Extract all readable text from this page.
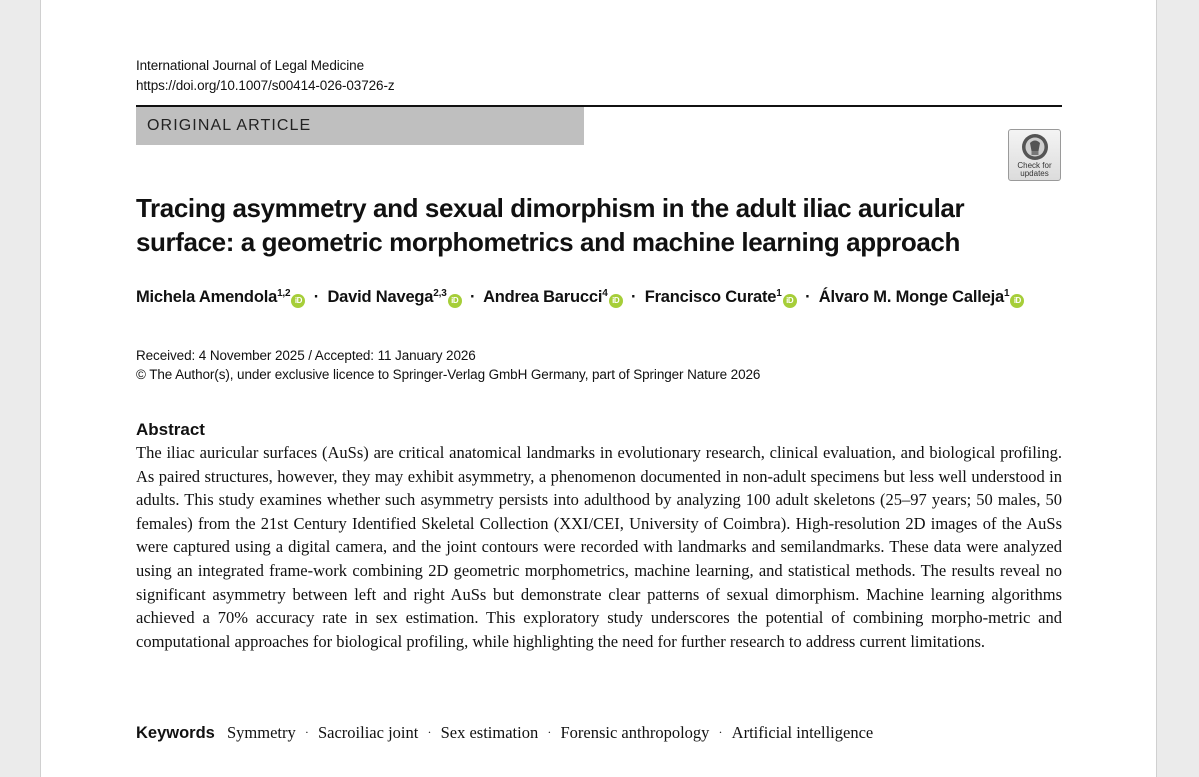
International Journal of Legal Medicine
https://doi.org/10.1007/s00414-026-03726-z
ORIGINAL ARTICLE
Check for
updates
Tracing asymmetry and sexual dimorphism in the adult iliac auricular
surface: a geometric morphometrics and machine learning approach
Michela Amendola$^{1,2}$iD · David Navega$^{2,3}$iD · Andrea Barucci$^4$iD · Francisco Curate$^1$iD · Álvaro M. Monge Calleja$^1$iD
Received: 4 November 2025 / Accepted: 11 January 2026
© The Author(s), under exclusive licence to Springer-Verlag GmbH Germany, part of Springer Nature 2026
Abstract
The iliac auricular surfaces (AuSs) are critical anatomical landmarks in evolutionary research, clinical evaluation, and biological profiling. As paired structures, however, they may exhibit asymmetry, a phenomenon documented in non-adult specimens but less well understood in adults. This study examines whether such asymmetry persists into adulthood by analyzing 100 adult skeletons (25–97 years; 50 males, 50 females) from the 21st Century Identified Skeletal Collection (XXI/CEI, University of Coimbra). High-resolution 2D images of the AuSs were captured using a digital camera, and the joint contours were recorded with landmarks and semilandmarks. These data were analyzed using an integrated frame-work combining 2D geometric morphometrics, machine learning, and statistical methods. The results reveal no significant asymmetry between left and right AuSs but demonstrate clear patterns of sexual dimorphism. Machine learning algorithms achieved a 70% accuracy rate in sex estimation. This exploratory study underscores the potential of combining morpho-metric and computational approaches for biological profiling, while highlighting the need for further research to address current limitations.
Keywords Symmetry · Sacroiliac joint · Sex estimation · Forensic anthropology · Artificial intelligence
